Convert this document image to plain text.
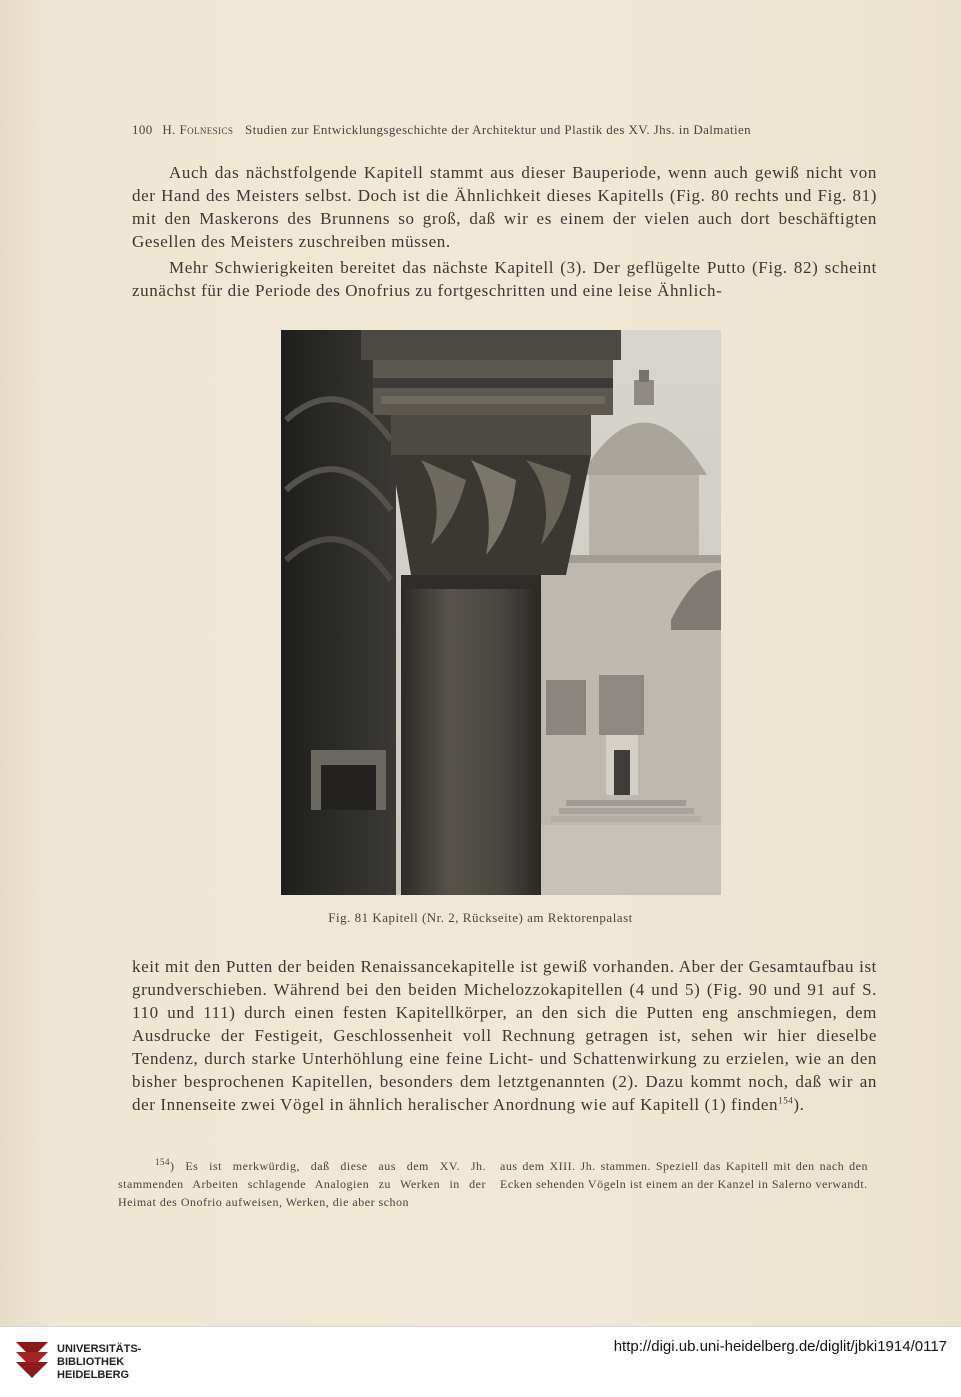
100 H. Folnesics Studien zur Entwicklungsgeschichte der Architektur und Plastik des XV. Jhs. in Dalmatien

Auch das nächstfolgende Kapitell stammt aus dieser Bauperiode, wenn auch gewiß nicht von der Hand des Meisters selbst. Doch ist die Ähnlichkeit dieses Kapitells (Fig. 80 rechts und Fig. 81) mit den Maskerons des Brunnens so groß, daß wir es einem der vielen auch dort beschäftigten Gesellen des Meisters zuschreiben müssen.

Mehr Schwierigkeiten bereitet das nächste Kapitell (3). Der geflügelte Putto (Fig. 82) scheint zunächst für die Periode des Onofrius zu fortgeschritten und eine leise Ähnlich-

Fig. 81 Kapitell (Nr. 2, Rückseite) am Rektorenpalast

keit mit den Putten der beiden Renaissancekapitelle ist gewiß vorhanden. Aber der Gesamtaufbau ist grundverschieben. Während bei den beiden Michelozzokapitellen (4 und 5) (Fig. 90 und 91 auf S. 110 und 111) durch einen festen Kapitellkörper, an den sich die Putten eng anschmiegen, dem Ausdrucke der Festigeit, Geschlossenheit voll Rechnung getragen ist, sehen wir hier dieselbe Tendenz, durch starke Unterhöhlung eine feine Licht- und Schattenwirkung zu erzielen, wie an den bisher besprochenen Kapitellen, besonders dem letztgenannten (2). Dazu kommt noch, daß wir an der Innenseite zwei Vögel in ähnlich heralischer Anordnung wie auf Kapitell (1) finden$^{154}$).

$^{154}$) Es ist merkwürdig, daß diese aus dem XV. Jh. stammenden Arbeiten schlagende Analogien zu Werken in der Heimat des Onofrio aufweisen, Werken, die aber schon

aus dem XIII. Jh. stammen. Speziell das Kapitell mit den nach den Ecken sehenden Vögeln ist einem an der Kanzel in Salerno verwandt.

UNIVERSITÄTS-
BIBLIOTHEK
HEIDELBERG
http://digi.ub.uni-heidelberg.de/diglit/jbki1914/0117
